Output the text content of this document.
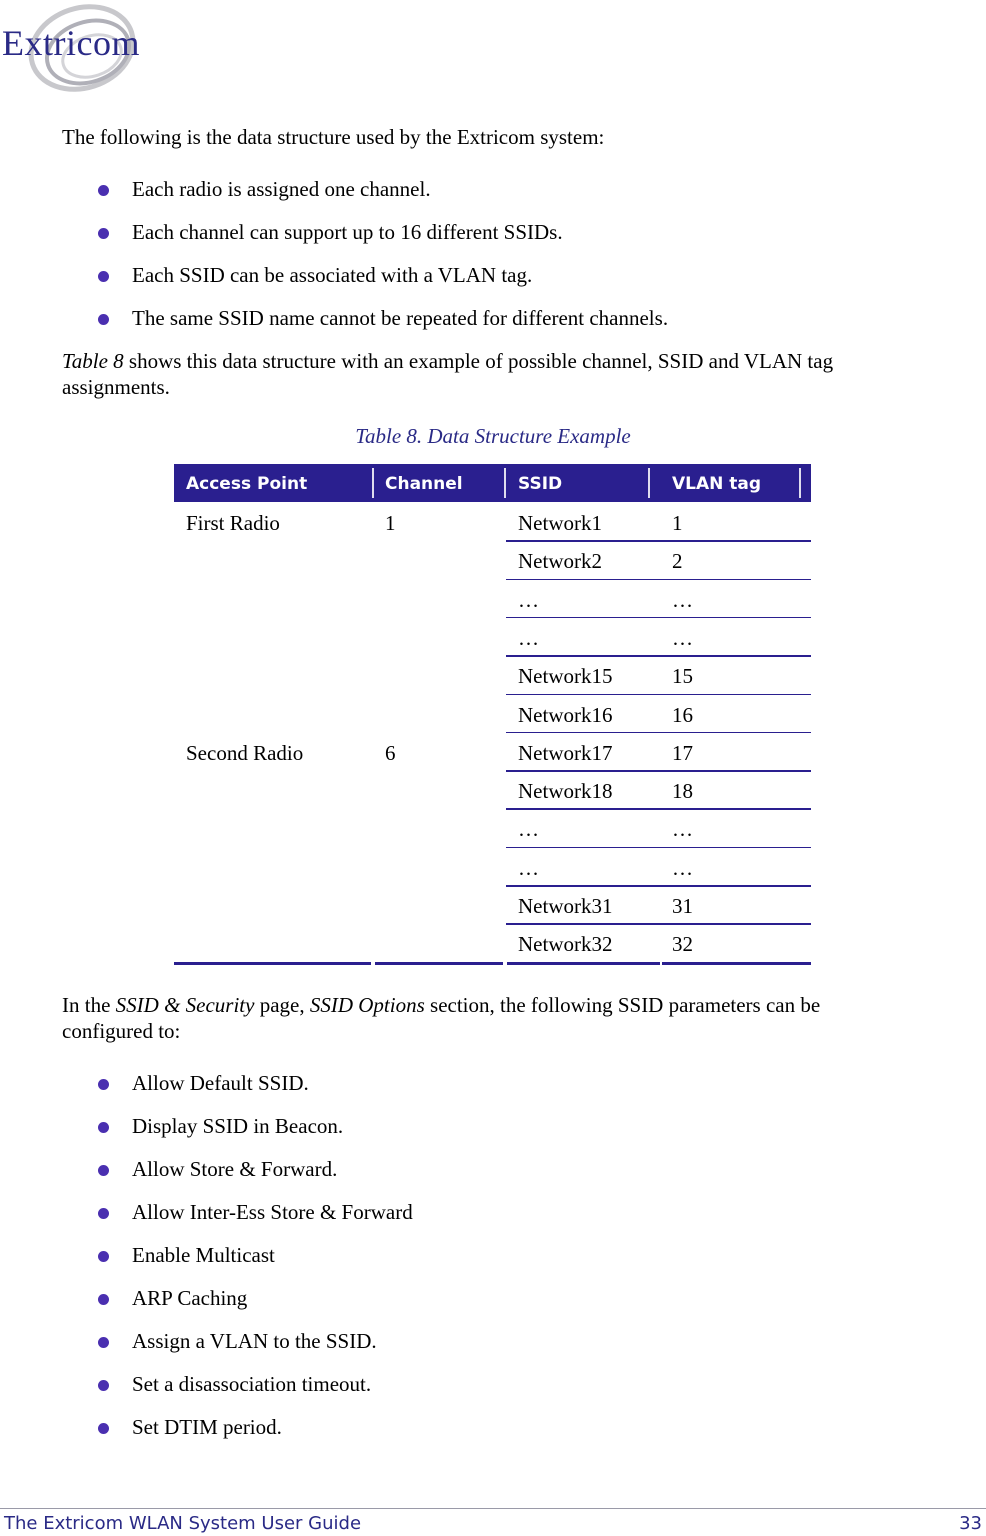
Extricom
The following is the data structure used by the Extricom system:
Each radio is assigned one channel.
Each channel can support up to 16 different SSIDs.
Each SSID can be associated with a VLAN tag.
The same SSID name cannot be repeated for different channels.
Table 8 shows this data structure with an example of possible channel, SSID and VLAN tag
assignments.
Table 8. Data Structure Example
Access Point	Channel	SSID	VLAN tag
First Radio	1	Network1	1
Network2	2
…	…
…	…
Network15	15
Network16	16
Second Radio	6	Network17	17
Network18	18
…	…
…	…
Network31	31
Network32	32
In the SSID & Security page, SSID Options section, the following SSID parameters can be
configured to:
Allow Default SSID.
Display SSID in Beacon.
Allow Store & Forward.
Allow Inter-Ess Store & Forward
Enable Multicast
ARP Caching
Assign a VLAN to the SSID.
Set a disassociation timeout.
Set DTIM period.
The Extricom WLAN System User Guide	33
